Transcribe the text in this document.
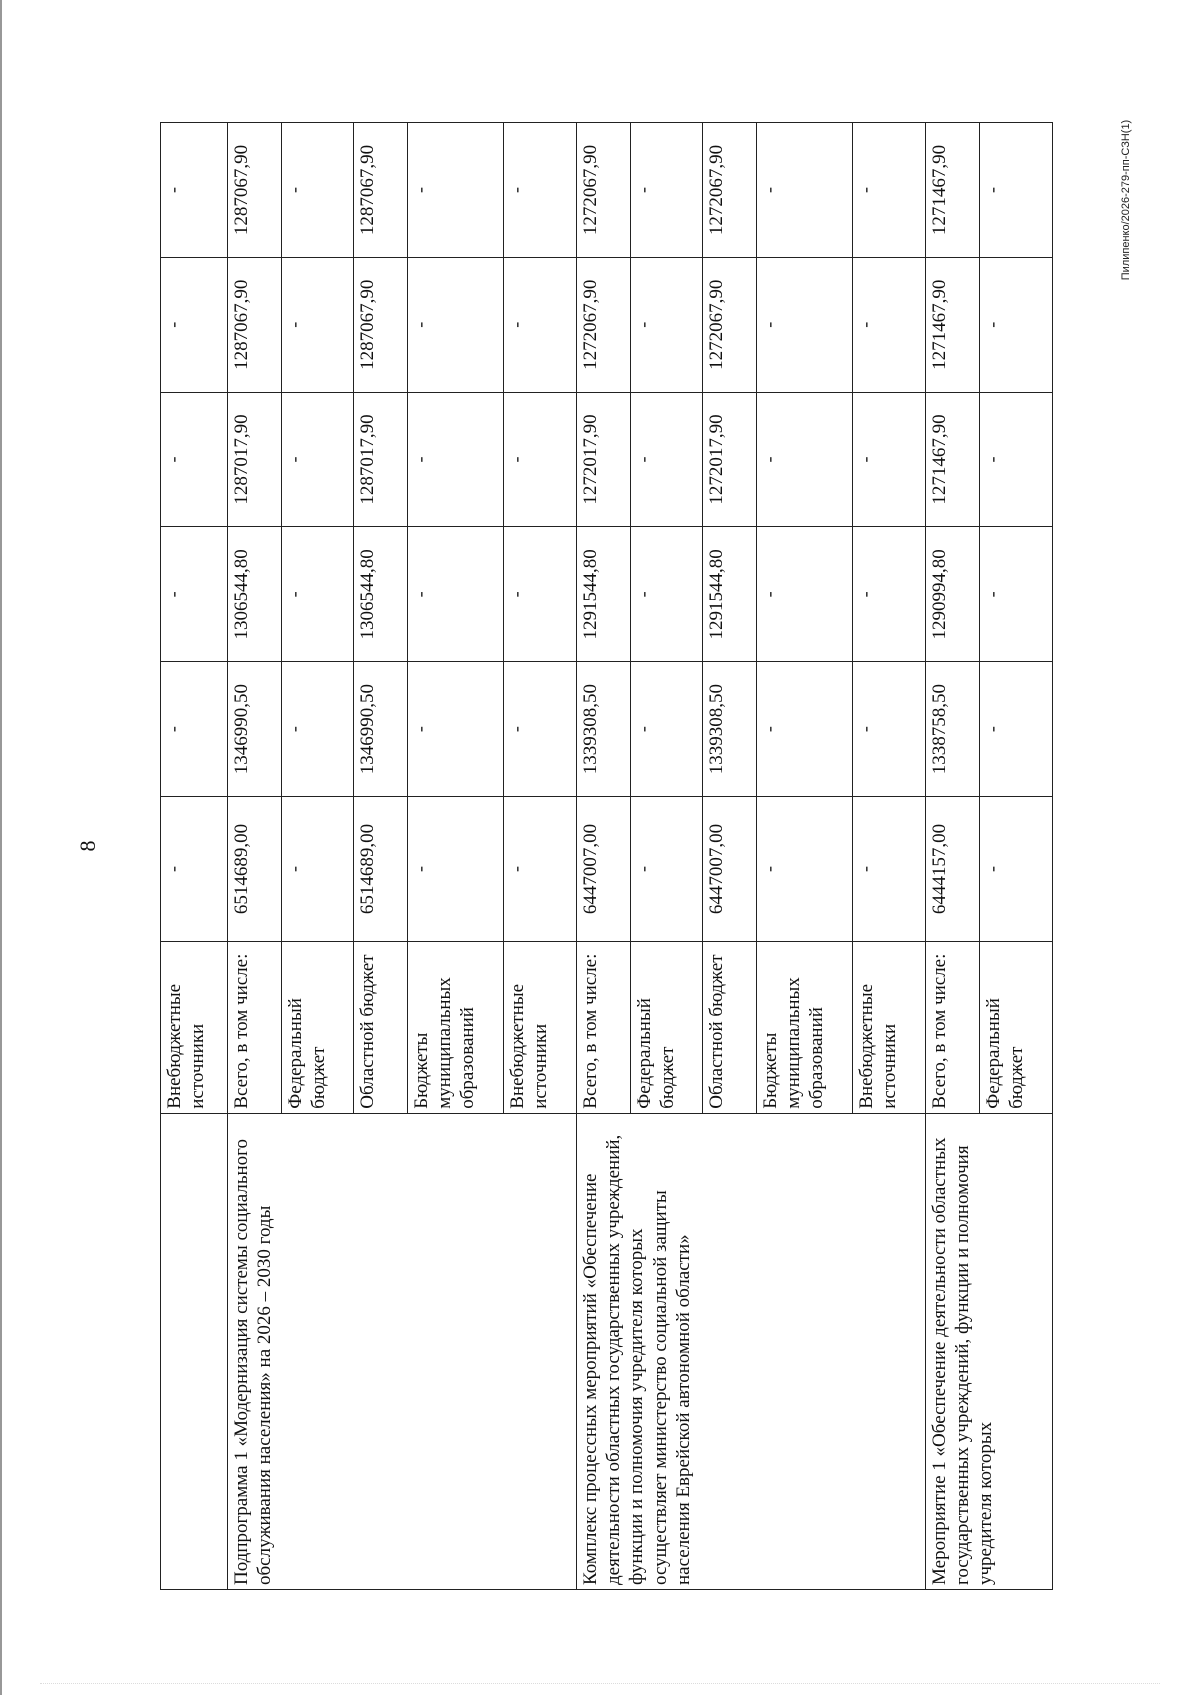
8
Пилипенко/2026-279-пп-СЗН(1)
	Внебюджетные источники	-	-	-	-	-	-
Подпрограмма 1 «Модернизация системы социального обслуживания населения» на 2026 – 2030 годы	Всего, в том числе:	6514689,00	1346990,50	1306544,80	1287017,90	1287067,90	1287067,90
	Федеральный бюджет	-	-	-	-	-	-
	Областной бюджет	6514689,00	1346990,50	1306544,80	1287017,90	1287067,90	1287067,90
	Бюджеты муниципальных образований	-	-	-	-	-	-
	Внебюджетные источники	-	-	-	-	-	-
Комплекс процессных мероприятий «Обеспечение деятельности областных государственных учреждений, функции и полномочия учредителя которых осуществляет министерство социальной защиты населения Еврейской автономной области»	Всего, в том числе:	6447007,00	1339308,50	1291544,80	1272017,90	1272067,90	1272067,90
	Федеральный бюджет	-	-	-	-	-	-
	Областной бюджет	6447007,00	1339308,50	1291544,80	1272017,90	1272067,90	1272067,90
	Бюджеты муниципальных образований	-	-	-	-	-	-
	Внебюджетные источники	-	-	-	-	-	-
Мероприятие 1 «Обеспечение деятельности областных государственных учреждений, функции и полномочия учредителя которых	Всего, в том числе:	6444157,00	1338758,50	1290994,80	1271467,90	1271467,90	1271467,90
	Федеральный бюджет	-	-	-	-	-	-
